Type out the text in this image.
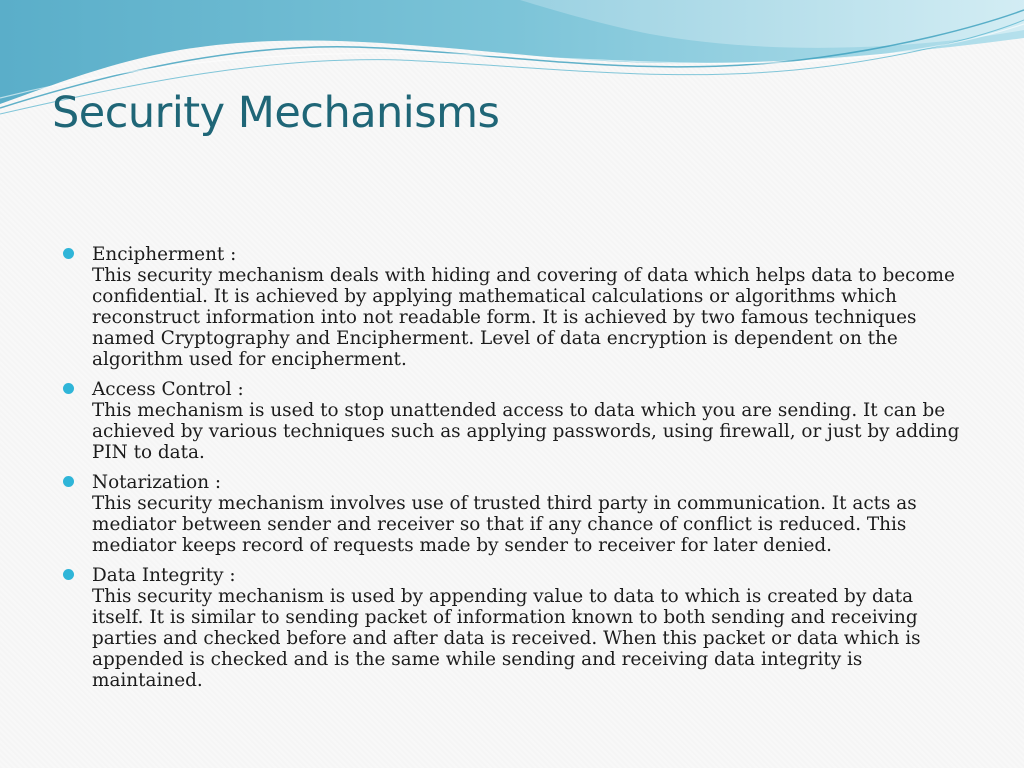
Security Mechanisms
Encipherment :
This security mechanism deals with hiding and covering of data which helps data to become confidential. It is achieved by applying mathematical calculations or algorithms which reconstruct information into not readable form. It is achieved by two famous techniques named Cryptography and Encipherment. Level of data encryption is dependent on the algorithm used for encipherment.
Access Control :
This mechanism is used to stop unattended access to data which you are sending. It can be achieved by various techniques such as applying passwords, using firewall, or just by adding PIN to data.
Notarization :
This security mechanism involves use of trusted third party in communication. It acts as mediator between sender and receiver so that if any chance of conflict is reduced. This mediator keeps record of requests made by sender to receiver for later denied.
Data Integrity :
This security mechanism is used by appending value to data to which is created by data itself. It is similar to sending packet of information known to both sending and receiving parties and checked before and after data is received. When this packet or data which is appended is checked and is the same while sending and receiving data integrity is maintained.
